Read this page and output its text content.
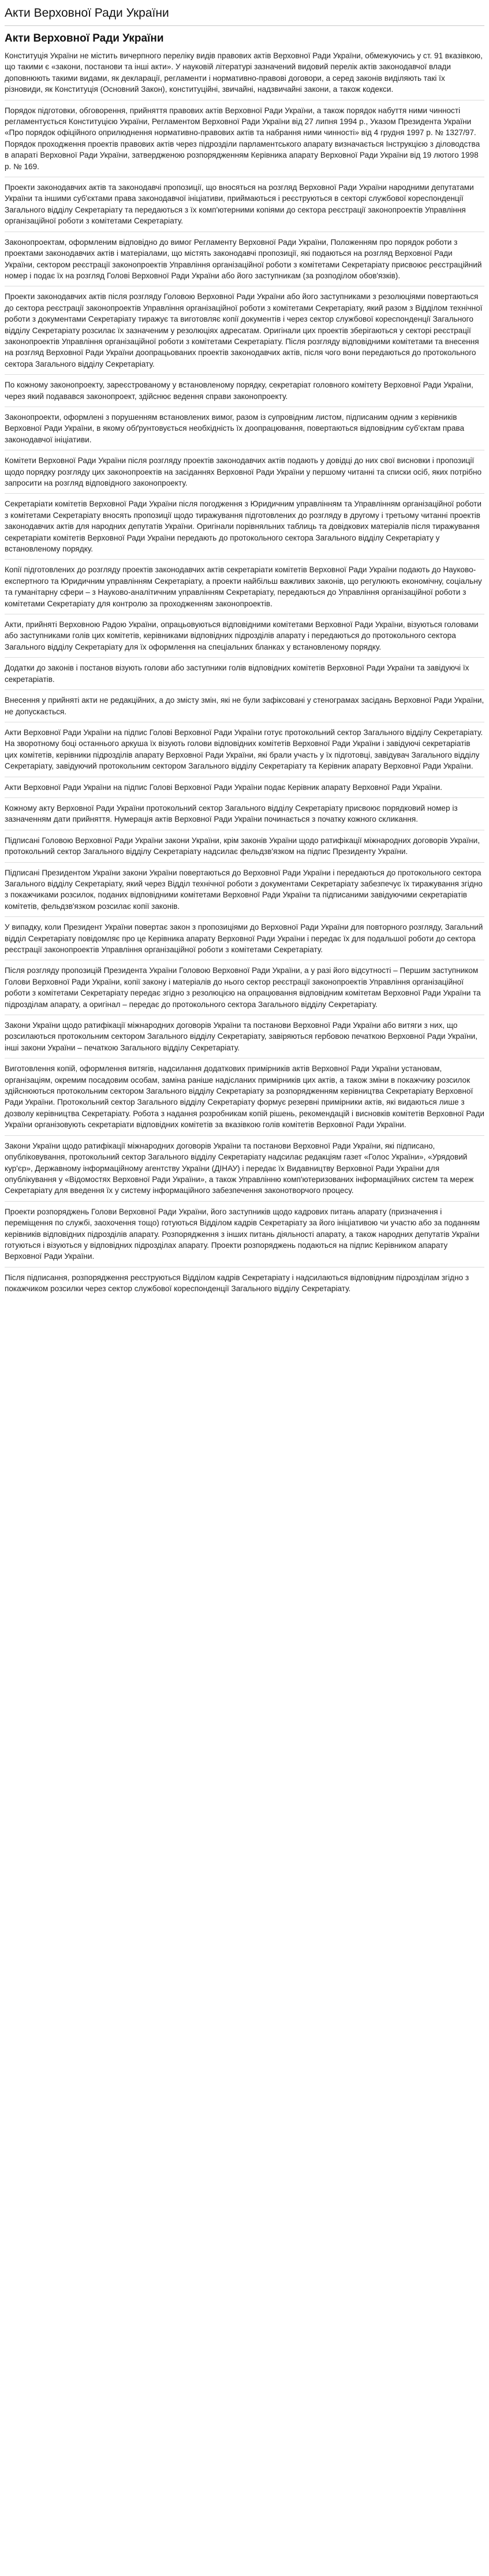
Акти Верховної Ради України
Акти Верховної Ради України

Конституція України не містить вичерпного переліку видів правових актів Верховної Ради України, обмежуючись у ст. 91 вказівкою, що такими є «закони, постанови та інші акти». У науковій літературі зазначений видовий перелік актів законодавчої влади доповнюють такими видами, як декларації, регламенти і нормативно-правові договори, а серед законів виділяють такі їх різновиди, як Конституція (Основний Закон), конституційні, звичайні, надзвичайні закони, а також кодекси.

Порядок підготовки, обговорення, прийняття правових актів Верховної Ради України, а також порядок набуття ними чинності регламентується Конституцією України, Регламентом Верховної Ради України від 27 липня 1994 р., Указом Президента України «Про порядок офіційного оприлюднення нормативно-правових актів та набрання ними чинності» від 4 грудня 1997 р. № 1327/97. Порядок проходження проектів правових актів через підрозділи парламентського апарату визначається Інструкцією з діловодства в апараті Верховної Ради України, затвердженою розпорядженням Керівника апарату Верховної Ради України від 19 лютого 1998 р. № 169.

Проекти законодавчих актів та законодавчі пропозиції, що вносяться на розгляд Верховної Ради України народними депутатами України та іншими суб'єктами права законодавчої ініціативи, приймаються і реєструються в секторі службової кореспонденції Загального відділу Секретаріату та передаються з їх комп'ютерними копіями до сектора реєстрації законопроектів Управління організаційної роботи з комітетами Секретаріату.

Законопроектам, оформленим відповідно до вимог Регламенту Верховної Ради України, Положенням про порядок роботи з проектами законодавчих актів і матеріалами, що містять законодавчі пропозиції, які подаються на розгляд Верховної Ради України, сектором реєстрації законопроектів Управління організаційної роботи з комітетами Секретаріату присвоює реєстраційний номер і подає їх на розгляд Голові Верховної Ради України або його заступникам (за розподілом обов'язків).

Проекти законодавчих актів після розгляду Головою Верховної Ради України або його заступниками з резолюціями повертаються до сектора реєстрації законопроектів Управління організаційної роботи з комітетами Секретаріату, який разом з Відділом технічної роботи з документами Секретаріату тиражує та виготовляє копії документів і через сектор службової кореспонденції Загального відділу Секретаріату розсилає їх зазначеним у резолюціях адресатам. Оригінали цих проектів зберігаються у секторі реєстрації законопроектів Управління організаційної роботи з комітетами Секретаріату. Після розгляду відповідними комітетами та внесення на розгляд Верховної Ради України доопрацьованих проектів законодавчих актів, після чого вони передаються до протокольного сектора Загального відділу Секретаріату.

По кожному законопроекту, зареєстрованому у встановленому порядку, секретаріат головного комітету Верховної Ради України, через який подавався законопроект, здійснює ведення справи законопроекту.

Законопроекти, оформлені з порушенням встановлених вимог, разом із супровідним листом, підписаним одним з керівників Верховної Ради України, в якому обґрунтовується необхідність їх доопрацювання, повертаються відповідним суб'єктам права законодавчої ініціативи.

Комітети Верховної Ради України після розгляду проектів законодавчих актів подають у довідці до них свої висновки і пропозиції щодо порядку розгляду цих законопроектів на засіданнях Верховної Ради України у першому читанні та списки осіб, яких потрібно запросити на розгляд відповідного законопроекту.

Секретаріати комітетів Верховної Ради України після погодження з Юридичним управлінням та Управлінням організаційної роботи з комітетами Секретаріату вносять пропозиції щодо тиражування підготовлених до розгляду в другому і третьому читанні проектів законодавчих актів для народних депутатів України. Оригінали порівняльних таблиць та довідкових матеріалів після тиражування секретаріати комітетів Верховної Ради України передають до протокольного сектора Загального відділу Секретаріату у встановленому порядку.

Копії підготовлених до розгляду проектів законодавчих актів секретаріати комітетів Верховної Ради України подають до Науково-експертного та Юридичним управлінням Секретаріату, а проекти найбільш важливих законів, що регулюють економічну, соціальну та гуманітарну сфери – з Науково-аналітичним управлінням Секретаріату, передаються до Управління організаційної роботи з комітетами Секретаріату для контролю за проходженням законопроектів.

Акти, прийняті Верховною Радою України, опрацьовуються відповідними комітетами Верховної Ради України, візуються головами або заступниками голів цих комітетів, керівниками відповідних підрозділів апарату і передаються до протокольного сектора Загального відділу Секретаріату для їх оформлення на спеціальних бланках у встановленому порядку.

Додатки до законів і постанов візують голови або заступники голів відповідних комітетів Верховної Ради України та завідуючі їх секретаріатів.

Внесення у прийняті акти не редакційних, а до змісту змін, які не були зафіксовані у стенограмах засідань Верховної Ради України, не допускається.

Акти Верховної Ради України на підпис Голові Верховної Ради України готує протокольний сектор Загального відділу Секретаріату. На зворотному боці останнього аркуша їх візують голови відповідних комітетів Верховної Ради України і завідуючі секретаріатів цих комітетів, керівники підрозділів апарату Верховної Ради України, які брали участь у їх підготовці, завідувач Загального відділу Секретаріату, завідуючий протокольним сектором Загального відділу Секретаріату та Керівник апарату Верховної Ради України.

Акти Верховної Ради України на підпис Голові Верховної Ради України подає Керівник апарату Верховної Ради України.

Кожному акту Верховної Ради України протокольний сектор Загального відділу Секретаріату присвоює порядковий номер із зазначенням дати прийняття. Нумерація актів Верховної Ради України починається з початку кожного скликання.

Підписані Головою Верховної Ради України закони України, крім законів України щодо ратифікації міжнародних договорів України, протокольний сектор Загального відділу Секретаріату надсилає фельдзв'язком на підпис Президенту України.

Підписані Президентом України закони України повертаються до Верховної Ради України і передаються до протокольного сектора Загального відділу Секретаріату, який через Відділ технічної роботи з документами Секретаріату забезпечує їх тиражування згідно з покажчиками розсилок, поданих відповідними комітетами Верховної Ради України та підписаними завідуючими секретаріатів комітетів, фельдзв'язком розсилає копії законів.

У випадку, коли Президент України повертає закон з пропозиціями до Верховної Ради України для повторного розгляду, Загальний відділ Секретаріату повідомляє про це Керівника апарату Верховної Ради України і передає їх для подальшої роботи до сектора реєстрації законопроектів Управління організаційної роботи з комітетами Секретаріату.

Після розгляду пропозицій Президента України Головою Верховної Ради України, а у разі його відсутності – Першим заступником Голови Верховної Ради України, копії закону і матеріалів до нього сектор реєстрації законопроектів Управління організаційної роботи з комітетами Секретаріату передає згідно з резолюцією на опрацювання відповідним комітетам Верховної Ради України та підрозділам апарату, а оригінал – передає до протокольного сектора Загального відділу Секретаріату.

Закони України щодо ратифікації міжнародних договорів України та постанови Верховної Ради України або витяги з них, що розсилаються протокольним сектором Загального відділу Секретаріату, завіряються гербовою печаткою Верховної Ради України, інші закони України – печаткою Загального відділу Секретаріату.

Виготовлення копій, оформлення витягів, надсилання додаткових примірників актів Верховної Ради України установам, організаціям, окремим посадовим особам, заміна раніше надісланих примірників цих актів, а також зміни в покажчику розсилок здійснюються протокольним сектором Загального відділу Секретаріату за розпорядженням керівництва Секретаріату Верховної Ради України. Протокольний сектор Загального відділу Секретаріату формує резервні примірники актів, які видаються лише з дозволу керівництва Секретаріату. Робота з надання розробникам копій рішень, рекомендацій і висновків комітетів Верховної Ради України організовують секретаріати відповідних комітетів за вказівкою голів комітетів Верховної Ради України.

Закони України щодо ратифікації міжнародних договорів України та постанови Верховної Ради України, які підписано, опубліковування, протокольний сектор Загального відділу Секретаріату надсилає редакціям газет «Голос України», «Урядовий кур'єр», Державному інформаційному агентству України (ДІНАУ) і передає їх Видавництву Верховної Ради України для опублікування у «Відомостях Верховної Ради України», а також Управлінню комп'ютеризованих інформаційних систем та мереж Секретаріату для введення їх у систему інформаційного забезпечення законотворчого процесу.

Проекти розпоряджень Голови Верховної Ради України, його заступників щодо кадрових питань апарату (призначення і переміщення по службі, заохочення тощо) готуються Відділом кадрів Секретаріату за його ініціативою чи участю або за поданням керівників відповідних підрозділів апарату. Розпорядження з інших питань діяльності апарату, а також народних депутатів України готуються і візуються у відповідних підрозділах апарату. Проекти розпоряджень подаються на підпис Керівником апарату Верховної Ради України.

Після підписання, розпорядження реєструються Відділом кадрів Секретаріату і надсилаються відповідним підрозділам згідно з покажчиком розсилки через сектор службової кореспонденції Загального відділу Секретаріату.
